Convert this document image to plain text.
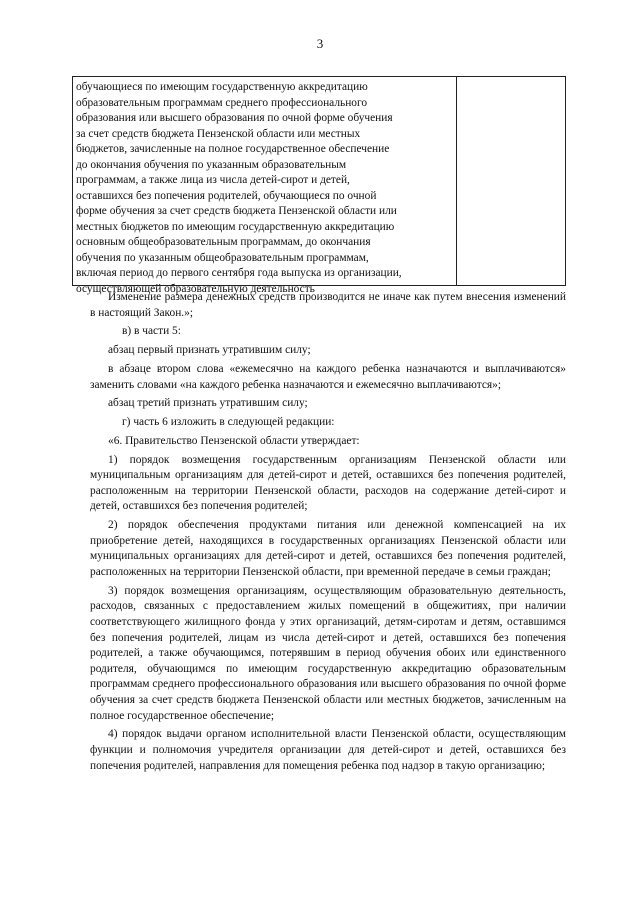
3
обучающиеся по имеющим государственную аккредитацию
образовательным программам среднего профессионального
образования или высшего образования по очной форме обучения
за счет средств бюджета Пензенской области или местных
бюджетов, зачисленные на полное государственное обеспечение
до окончания обучения по указанным образовательным
программам, а также лица из числа детей-сирот и детей,
оставшихся без попечения родителей, обучающиеся по очной
форме обучения за счет средств бюджета Пензенской области или
местных бюджетов по имеющим государственную аккредитацию
основным общеобразовательным программам, до окончания
обучения по указанным общеобразовательным программам,
включая период до первого сентября года выпуска из организации,
осуществляющей образовательную деятельность

Изменение размера денежных средств производится не иначе как путем внесения изменений в настоящий Закон.»;

в) в части 5:

абзац первый признать утратившим силу;

в абзаце втором слова «ежемесячно на каждого ребенка назначаются и выплачиваются» заменить словами «на каждого ребенка назначаются и ежемесячно выплачиваются»;

абзац третий признать утратившим силу;

г) часть 6 изложить в следующей редакции:

«6. Правительство Пензенской области утверждает:

1) порядок возмещения государственным организациям Пензенской области или муниципальным организациям для детей-сирот и детей, оставшихся без попечения родителей, расположенным на территории Пензенской области, расходов на содержание детей-сирот и детей, оставшихся без попечения родителей;

2) порядок обеспечения продуктами питания или денежной компенсацией на их приобретение детей, находящихся в государственных организациях Пензенской области или муниципальных организациях для детей-сирот и детей, оставшихся без попечения родителей, расположенных на территории Пензенской области, при временной передаче в семьи граждан;

3) порядок возмещения организациям, осуществляющим образовательную деятельность, расходов, связанных с предоставлением жилых помещений в общежитиях, при наличии соответствующего жилищного фонда у этих организаций, детям-сиротам и детям, оставшимся без попечения родителей, лицам из числа детей-сирот и детей, оставшихся без попечения родителей, а также обучающимся, потерявшим в период обучения обоих или единственного родителя, обучающимся по имеющим государственную аккредитацию образовательным программам среднего профессионального образования или высшего образования по очной форме обучения за счет средств бюджета Пензенской области или местных бюджетов, зачисленным на полное государственное обеспечение;

4) порядок выдачи органом исполнительной власти Пензенской области, осуществляющим функции и полномочия учредителя организации для детей-сирот и детей, оставшихся без попечения родителей, направления для помещения ребенка под надзор в такую организацию;
